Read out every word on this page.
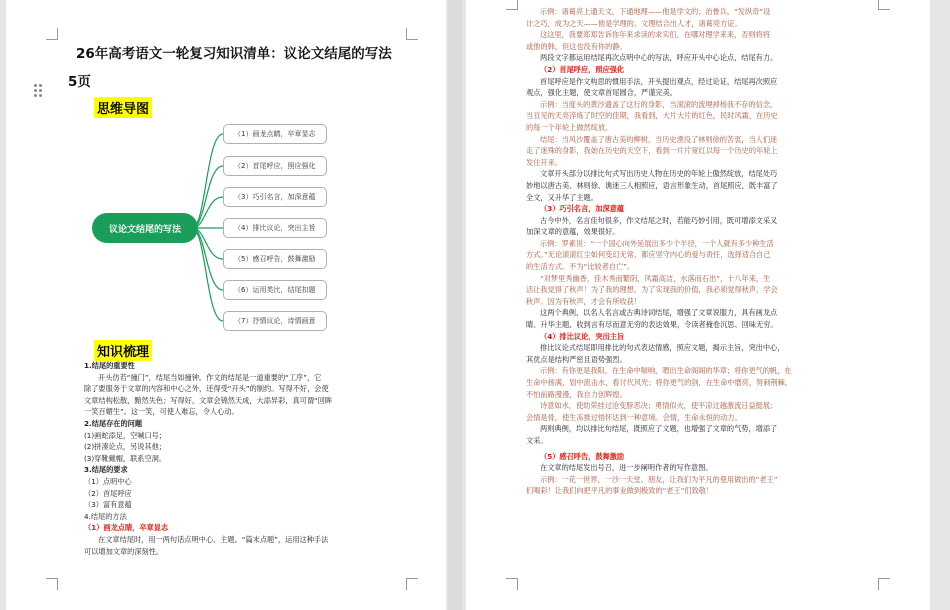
26年高考语文一轮复习知识清单：议论文结尾的写法
5页
思维导图
议论文结尾的写法
（1）画龙点睛，卒章显志
（2）首尾呼应，照应强化
（3）巧引名言，加深意蕴
（4）排比议论，突出主旨
（5）感召呼告，鼓舞激励
（6）运用类比，结尾扣题
（7）抒情议论，诗情画意
知识梳理
1.结尾的重要性
开头仿若“撞门”，结尾当如撞钟。作文的结尾是一道重要的“工序”，它
除了要服务于文章的内容和中心之外，还得受“开头”的制约。写得不好，会使
文章结构松散，黯然失色；写得好，文章会锦然天成，大添异彩，真可谓“回眸
一笑百媚生”。这一笑，可使人难忘，令人心动。
2.结尾存在的问题
(1)画蛇添足，空喊口号；
(2)拼凑论点，另说其他；
(3)穿靴戴帽，联系空洞。
3.结尾的要求
（1）点明中心
（2）首尾呼应
（3）富有意蕴
4.结尾的方法
（1）画龙点睛，卒章显志
在文章结尾时，用一两句话点明中心、主题。“篇末点题”，运用这种手法
可以增加文章的深刻性。
示例：诸葛亮上通天文，下通地理——他是学文的；治鲁兵，“发纵奇”设
计之巧，成为之天——他是学理的。文理结合出人才，诸葛亮方证。
这这里，我要郑郑告诉你年来求读的求实们，在哪对理学来来，否则将将
或他的韩，但这也没有你的静。
两段文字都运用结尾再次点明中心的写法，呼应开头中心论点，结尾有力。
（2）首尾呼应，照应强化
首尾呼应是作文构思的惯用手法，开头提出观点，经过论证，结尾再次照应
观点，强化主题，使文章首尾圆合，严谨完美。
示例：当度头的黄沙遗盖了这行的身影，当滚滚的流埋掉杨我不存的信念，
当亘见的天亮淬炼了时空的佳期，我看到，大片大片的红色，民时风霜，在历史
的每一个年轮上做然绽放。
结尾：当风沙覆盖了唐古美的柳树，当历史湮没了林则徐的苦衷，当人们迷
走了迷殊的身影，我始在历史的天空下，看到一片片宽红以每一个历史的年轮上
发住开来。
文章开头部分以排比句式写出历史人物在历史的年轮上傲然绽放，结尾处巧
妙地以唐古美、林则徐、谯迷三人相照应，语言形象生动，首尾照应，既丰富了
全文，又升华了主题。
（3）巧引名言，加深意蕴
古今中外，名言佳句很多，作文结尾之时，若能巧妙引用，既可增添文采又
加深文章的意蕴，效果很好。
示例：罗素说：“一个国心向外延展出多少个半径，一个人就有多少种生活
方式。”无论滚滚红尘如何变幻无常，都应坚守内心的爱与责任，选择适合自己
的生活方式。不为“比较者自亡”。
“对梦里秀幽香，佳木秀而繁阴，风霜高洁，水落而石出”，十八年来，生
活让我觉得了秋声！为了我的理想，为了实现我的价值，我必须觉得秋声，学会
秋声。因为有秋声，才会有所收获！
这两个典例，以名人名言或古典诗词结尾，增强了文章说服力，具有画龙点
睛、升华主题、收到言有尽而意无穷的表达效果，令读者掩卷沉思、回味无穷。
（4）排比议论，突出主旨
排比议论式结尾即用排比的句式表达情感，照应文题，揭示主旨，突出中心，
其优点是结构严密且语势强烈。
示例：有你更是我阳，在生命中喘响，嗯出生命阁阁的华章；将你更气的帆，在
生命中扬满，划中流击水，看讨代风光；将你更气的剑，在生命中磨亮，努刺荆棘，
不怕前路漫漫，我自力创辉煌。
诗意如水，使幼荣挂过沧变脖恶决；勇情似火，使平凉过越激流日益挺展；
会情是骨，使生冻推过悟怀达到一种意境。会情，生命永恒的动力。
两则典例，均以排比句结尾，既照应了文题，也增强了文章的气势，增添了
文采。
（5）感召呼告，鼓舞激励
在文章的结尾发出号召，进一步阐明作者的写作意图。
示例：一花一世界，一沙一天堂。朋友，让我们为平凡的曼用做出的“老王”
们喝彩！让我们向把平凡的事业做到极致的“老王”们致敬！
